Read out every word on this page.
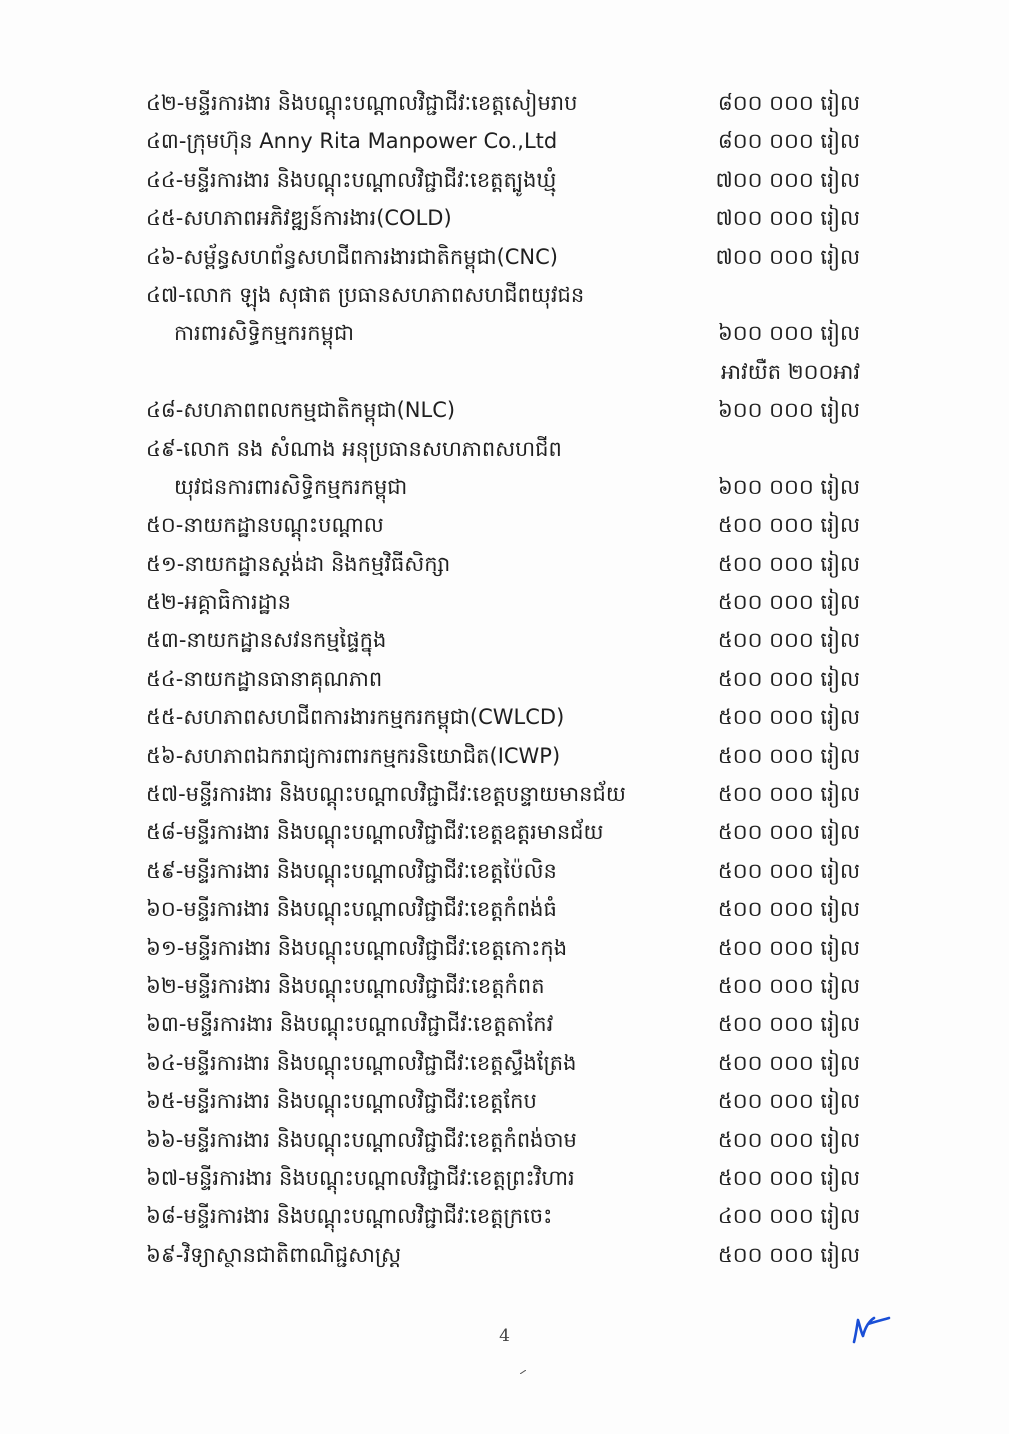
៤២-មន្ទីរការងារ និងបណ្តុះបណ្តាលវិជ្ជាជីវៈខេត្តសៀមរាប	៨០០ ០០០ រៀល
៤៣-ក្រុមហ៊ុន Anny Rita Manpower Co.,Ltd	៨០០ ០០០ រៀល
៤៤-មន្ទីរការងារ និងបណ្តុះបណ្តាលវិជ្ជាជីវៈខេត្តត្បូងឃ្មុំ	៧០០ ០០០ រៀល
៤៥-សហភាពអភិវឌ្ឍន៍ការងារ(COLD)	៧០០ ០០០ រៀល
៤៦-សម្ព័ន្ធសហព័ន្ធសហជីពការងារជាតិកម្ពុជា(CNC)	៧០០ ០០០ រៀល
៤៧-លោក ឡុង សុផាត ប្រធានសហភាពសហជីពយុវជន
ការពារសិទ្ធិកម្មករកម្ពុជា	៦០០ ០០០ រៀល
អាវយឺត ២០០អាវ
៤៨-សហភាពពលកម្មជាតិកម្ពុជា(NLC)	៦០០ ០០០ រៀល
៤៩-លោក នង សំណាង អនុប្រធានសហភាពសហជីព
យុវជនការពារសិទ្ធិកម្មករកម្ពុជា	៦០០ ០០០ រៀល
៥០-នាយកដ្ឋានបណ្តុះបណ្តាល	៥០០ ០០០ រៀល
៥១-នាយកដ្ឋានស្តង់ដា និងកម្មវិធីសិក្សា	៥០០ ០០០ រៀល
៥២-អគ្គាធិការដ្ឋាន	៥០០ ០០០ រៀល
៥៣-នាយកដ្ឋានសវនកម្មផ្ទៃក្នុង	៥០០ ០០០ រៀល
៥៤-នាយកដ្ឋានធានាគុណភាព	៥០០ ០០០ រៀល
៥៥-សហភាពសហជីពការងារកម្មករកម្ពុជា(CWLCD)	៥០០ ០០០ រៀល
៥៦-សហភាពឯករាជ្យការពារកម្មករនិយោជិត(ICWP)	៥០០ ០០០ រៀល
៥៧-មន្ទីរការងារ និងបណ្តុះបណ្តាលវិជ្ជាជីវៈខេត្តបន្ទាយមានជ័យ	៥០០ ០០០ រៀល
៥៨-មន្ទីរការងារ និងបណ្តុះបណ្តាលវិជ្ជាជីវៈខេត្តឧត្តរមានជ័យ	៥០០ ០០០ រៀល
៥៩-មន្ទីរការងារ និងបណ្តុះបណ្តាលវិជ្ជាជីវៈខេត្តប៉ៃលិន	៥០០ ០០០ រៀល
៦០-មន្ទីរការងារ និងបណ្តុះបណ្តាលវិជ្ជាជីវៈខេត្តកំពង់ធំ	៥០០ ០០០ រៀល
៦១-មន្ទីរការងារ និងបណ្តុះបណ្តាលវិជ្ជាជីវៈខេត្តកោះកុង	៥០០ ០០០ រៀល
៦២-មន្ទីរការងារ និងបណ្តុះបណ្តាលវិជ្ជាជីវៈខេត្តកំពត	៥០០ ០០០ រៀល
៦៣-មន្ទីរការងារ និងបណ្តុះបណ្តាលវិជ្ជាជីវៈខេត្តតាកែវ	៥០០ ០០០ រៀល
៦៤-មន្ទីរការងារ និងបណ្តុះបណ្តាលវិជ្ជាជីវៈខេត្តស្ទឹងត្រែង	៥០០ ០០០ រៀល
៦៥-មន្ទីរការងារ និងបណ្តុះបណ្តាលវិជ្ជាជីវៈខេត្តកែប	៥០០ ០០០ រៀល
៦៦-មន្ទីរការងារ និងបណ្តុះបណ្តាលវិជ្ជាជីវៈខេត្តកំពង់ចាម	៥០០ ០០០ រៀល
៦៧-មន្ទីរការងារ និងបណ្តុះបណ្តាលវិជ្ជាជីវៈខេត្តព្រះវិហារ	៥០០ ០០០ រៀល
៦៨-មន្ទីរការងារ និងបណ្តុះបណ្តាលវិជ្ជាជីវៈខេត្តក្រចេះ	៤០០ ០០០ រៀល
៦៩-វិទ្យាស្ថានជាតិពាណិជ្ជសាស្ត្រ	៥០០ ០០០ រៀល
4
